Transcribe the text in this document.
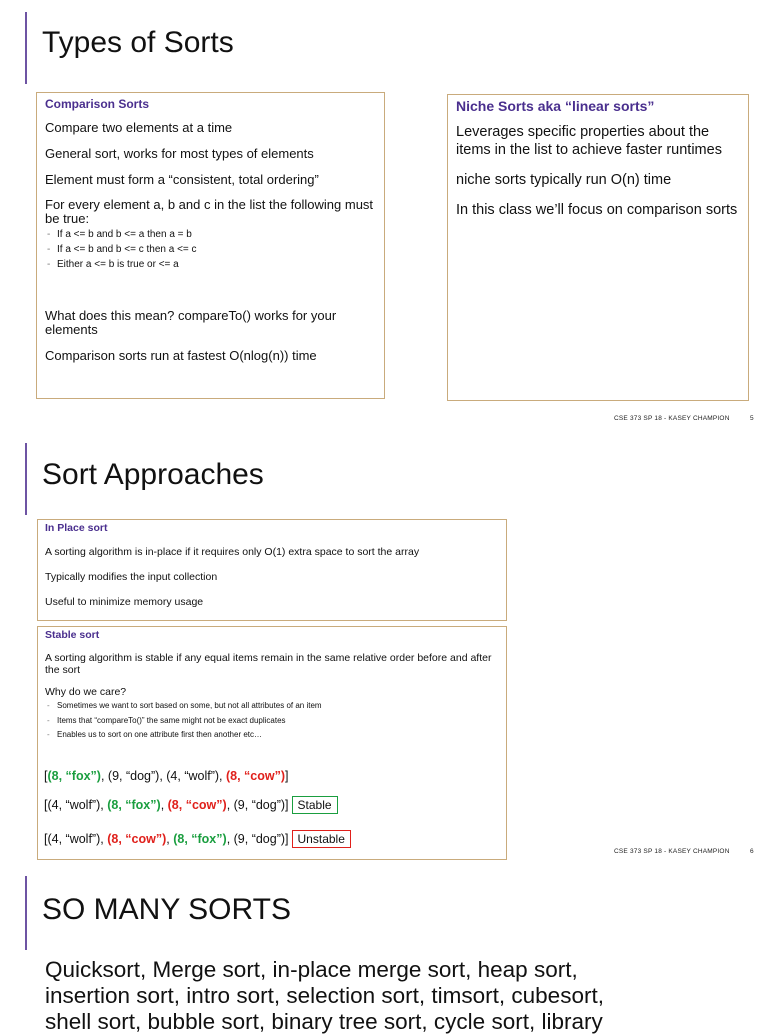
Types of Sorts
Comparison Sorts

Compare two elements at a time

General sort, works for most types of elements

Element must form a “consistent, total ordering”

For every element a, b and c in the list the following must be true:

- If a <= b and b <= a then a = b
- If a <= b and b <= c then a <= c
- Either a <= b is true or <= a

What does this mean? compareTo() works for your elements

Comparison sorts run at fastest O(nlog(n)) time

Niche Sorts aka “linear sorts”

Leverages specific properties about the items in the list to achieve faster runtimes

niche sorts typically run O(n) time

In this class we’ll focus on comparison sorts

CSE 373 SP 18 - KASEY CHAMPION	5
Sort Approaches
In Place sort

A sorting algorithm is in-place if it requires only O(1) extra space to sort the array

Typically modifies the input collection

Useful to minimize memory usage

Stable sort

A sorting algorithm is stable if any equal items remain in the same relative order before and after the sort

Why do we care?

- Sometimes we want to sort based on some, but not all attributes of an item
- Items that “compareTo()” the same might not be exact duplicates
- Enables us to sort on one attribute first then another etc…
[(8, “fox”), (9, “dog”), (4, “wolf”), (8, “cow”)]
[(4, “wolf”), (8, “fox”), (8, “cow”), (9, “dog”)] Stable
[(4, “wolf”), (8, “cow”), (8, “fox”), (9, “dog”)] Unstable
CSE 373 SP 18 - KASEY CHAMPION	6
SO MANY SORTS
Quicksort, Merge sort, in-place merge sort, heap sort,
insertion sort, intro sort, selection sort, timsort, cubesort,
shell sort, bubble sort, binary tree sort, cycle sort, library
